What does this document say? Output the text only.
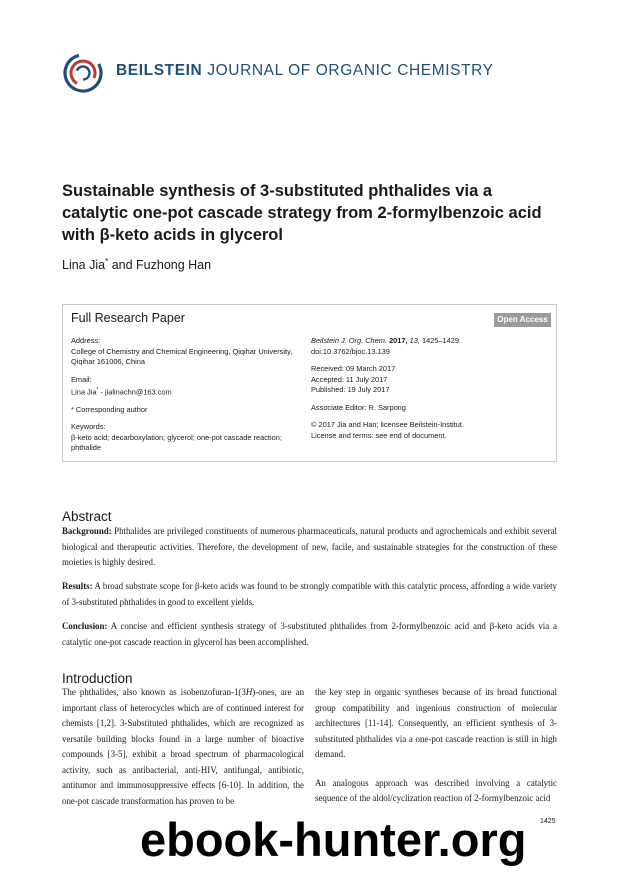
BEILSTEIN JOURNAL OF ORGANIC CHEMISTRY
Sustainable synthesis of 3-substituted phthalides via a catalytic one-pot cascade strategy from 2-formylbenzoic acid with β-keto acids in glycerol
Lina Jia* and Fuzhong Han
Full Research Paper	Open Access

Address:
College of Chemistry and Chemical Engineering, Qiqihar University, Qiqihar 161006, China

Email:
Lina Jia* - jialinachn@163.com

* Corresponding author

Keywords:
β-keto acid; decarboxylation; glycerol; one-pot cascade reaction; phthalide

Beilstein J. Org. Chem. 2017, 13, 1425–1429.
doi:10.3762/bjoc.13.139

Received: 09 March 2017
Accepted: 11 July 2017
Published: 19 July 2017

Associate Editor: R. Sarpong

© 2017 Jia and Han; licensee Beilstein-Institut.
License and terms: see end of document.

Abstract
Background: Phthalides are privileged constituents of numerous pharmaceuticals, natural products and agrochemicals and exhibit several biological and therapeutic activities. Therefore, the development of new, facile, and sustainable strategies for the construction of these moieties is highly desired.
Results: A broad substrate scope for β-keto acids was found to be strongly compatible with this catalytic process, affording a wide variety of 3-substituted phthalides in good to excellent yields.
Conclusion: A concise and efficient synthesis strategy of 3-substituted phthalides from 2-formylbenzoic acid and β-keto acids via a catalytic one-pot cascade reaction in glycerol has been accomplished.
Introduction

The phthalides, also known as isobenzofuran-1(3H)-ones, are an important class of heterocycles which are of continued interest for chemists [1,2]. 3-Substituted phthalides, which are recognized as versatile building blocks found in a large number of bioactive compounds [3-5], exhibit a broad spectrum of pharmacological activity, such as antibacterial, anti-HIV, antifungal, antibiotic, antitumor and immunosuppressive effects [6-10]. In addition, the one-pot cascade transformation has proven to be

the key step in organic syntheses because of its broad functional group compatibility and ingenious construction of molecular architectures [11-14]. Consequently, an efficient synthesis of 3-substituted phthalides via a one-pot cascade reaction is still in high demand.

An analogous approach was described involving a catalytic sequence of the aldol/cyclization reaction of 2-formylbenzoic acid

1425
ebook-hunter.org
